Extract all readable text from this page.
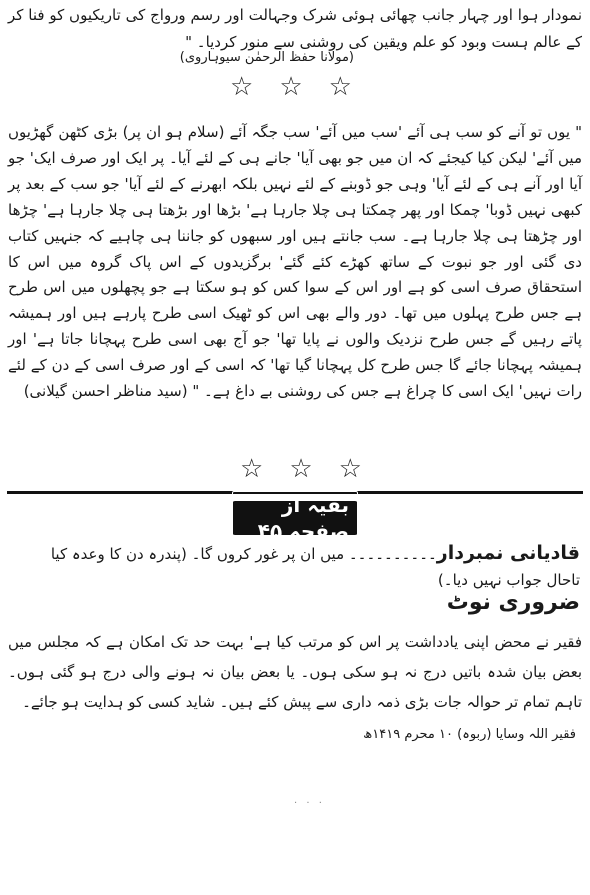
نمودار ہوا اور چہار جانب چھائی ہوئی شرک وجہالت اور رسم ورواج کی تاریکیوں کو فنا کر کے عالم ہست وبود کو علم ویقین کی روشنی سے منور کردیا۔ "
(مولانا حفظ الرحمٰن سیوہاروی)
☆ ☆ ☆
" یوں تو آنے کو سب ہی آئے 'سب میں آئے' سب جگہ آئے (سلام ہو ان پر) بڑی کٹھن گھڑیوں میں آئے' لیکن کیا کیجئے کہ ان میں جو بھی آیا' جانے ہی کے لئے آیا۔ پر ایک اور صرف ایک' جو آیا اور آنے ہی کے لئے آیا' وہی جو ڈوبنے کے لئے نہیں بلکہ ابھرنے کے لئے آیا' جو سب کے بعد پر کبھی نہیں ڈوبا' چمکا اور پھر چمکتا ہی چلا جارہا ہے' بڑھا اور بڑھتا ہی چلا جارہا ہے' چڑھا اور چڑھتا ہی چلا جارہا ہے۔ سب جانتے ہیں اور سبھوں کو جاننا ہی چاہیے کہ جنہیں کتاب دی گئی اور جو نبوت کے ساتھ کھڑے کئے گئے' برگزیدوں کے اس پاک گروہ میں اس کا استحقاق صرف اسی کو ہے اور اس کے سوا کس کو ہو سکتا ہے جو پچھلوں میں اس طرح ہے جس طرح پہلوں میں تھا۔ دور والے بھی اس کو ٹھیک اسی طرح پارہے ہیں اور ہمیشہ پاتے رہیں گے جس طرح نزدیک والوں نے پایا تھا' جو آج بھی اسی طرح پہچانا جاتا ہے' اور ہمیشہ پہچانا جائے گا جس طرح کل پہچانا گیا تھا' کہ اسی کے اور صرف اسی کے دن کے لئے رات نہیں' ایک اسی کا چراغ ہے جس کی روشنی بے داغ ہے۔ " (سید مناظر احسن گیلانی)
☆ ☆ ☆
بقیہ از صفحہ ۴۵
قادیانی نمبردار۔۔۔۔۔۔۔۔۔۔ میں ان پر غور کروں گا۔ (پندرہ دن کا وعدہ کیا تاحال جواب نہیں دیا۔)
ضروری نوٹ
فقیر نے محض اپنی یادداشت پر اس کو مرتب کیا ہے' بہت حد تک امکان ہے کہ مجلس میں بعض بیان شدہ باتیں درج نہ ہو سکی ہوں۔ یا بعض بیان نہ ہونے والی درج ہو گئی ہوں۔ تاہم تمام تر حوالہ جات بڑی ذمہ داری سے پیش کئے ہیں۔ شاید کسی کو ہدایت ہو جائے۔
فقیر اللہ وسایا (ربوہ) ۱۰ محرم ۱۴۱۹ھ
· · ·
